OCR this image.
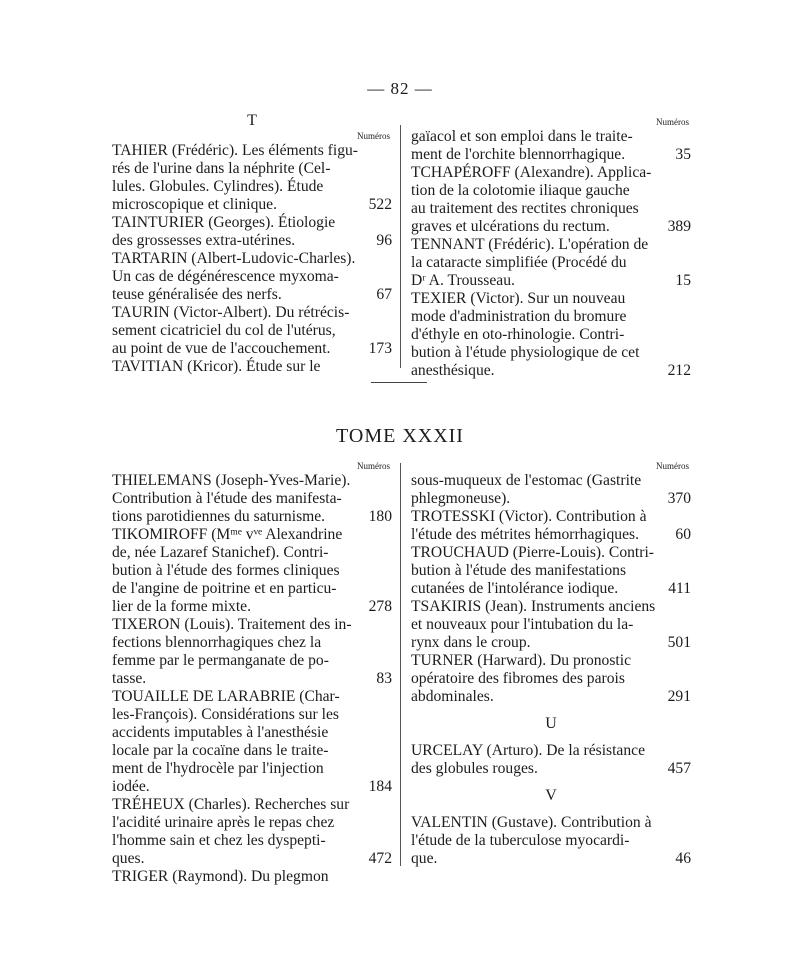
— 82 —
T
Numéros
TAHIER (Frédéric). Les éléments figu-
rés de l'urine dans la néphrite (Cel-
lules. Globules. Cylindres). Étude
microscopique et clinique.	522
TAINTURIER (Georges). Étiologie
des grossesses extra-utérines.	96
TARTARIN (Albert-Ludovic-Charles).
Un cas de dégénérescence myxoma-
teuse généralisée des nerfs.	67
TAURIN (Victor-Albert). Du rétrécis-
sement cicatriciel du col de l'utérus,
au point de vue de l'accouchement. 173
TAVITIAN (Kricor). Étude sur le
Numéros
gaïacol et son emploi dans le traite-
ment de l'orchite blennorrhagique.	35
TCHAPÉROFF (Alexandre). Applica-
tion de la colotomie iliaque gauche
au traitement des rectites chroniques
graves et ulcérations du rectum.	389
TENNANT (Frédéric). L'opération de
la cataracte simplifiée (Procédé du
Dʳ A. Trousseau.	15
TEXIER (Victor). Sur un nouveau
mode d'administration du bromure
d'éthyle en oto-rhinologie. Contri-
bution à l'étude physiologique de cet
anesthésique.	212
TOME XXXII
Numéros
THIELEMANS (Joseph-Yves-Marie).
Contribution à l'étude des manifesta-
tions parotidiennes du saturnisme.	180
TIKOMIROFF (Mᵐᵉ vᵛᵉ Alexandrine
de, née Lazaref Stanichef). Contri-
bution à l'étude des formes cliniques
de l'angine de poitrine et en particu-
lier de la forme mixte.	278
TIXERON (Louis). Traitement des in-
fections blennorrhagiques chez la
femme par le permanganate de po-
tasse.	83
TOUAILLE DE LARABRIE (Char-
les-François). Considérations sur les
accidents imputables à l'anesthésie
locale par la cocaïne dans le traite-
ment de l'hydrocèle par l'injection
iodée.	184
TRÉHEUX (Charles). Recherches sur
l'acidité urinaire après le repas chez
l'homme sain et chez les dyspepti-
ques.	472
TRIGER (Raymond). Du plegmon
Numéros
sous-muqueux de l'estomac (Gastrite
phlegmoneuse).	370
TROTESSKI (Victor). Contribution à
l'étude des métrites hémorrhagiques. 60
TROUCHAUD (Pierre-Louis). Contri-
bution à l'étude des manifestations
cutanées de l'intolérance iodique.	411
TSAKIRIS (Jean). Instruments anciens
et nouveaux pour l'intubation du la-
rynx dans le croup.	501
TURNER (Harward). Du pronostic
opératoire des fibromes des parois
abdominales.	291
U
URCELAY (Arturo). De la résistance
des globules rouges.	457
V
VALENTIN (Gustave). Contribution à
l'étude de la tuberculose myocardi-
que.	46
